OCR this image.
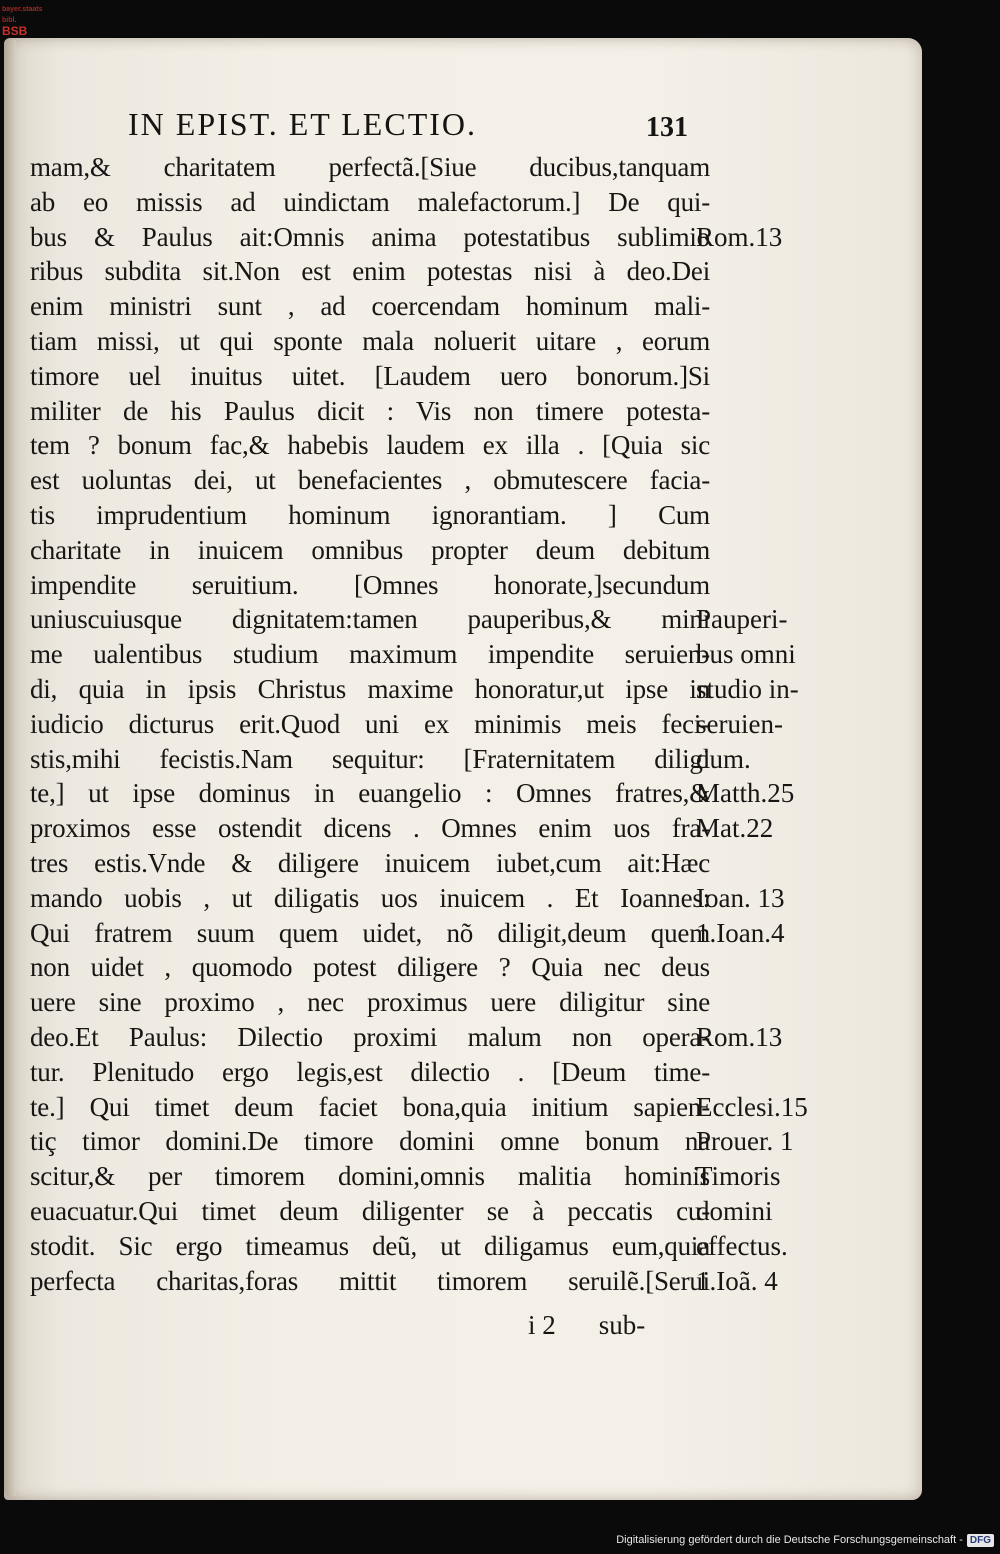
bayer.staats bibl.
BSB
IN EPIST. ET LECTIO.	131
mam,& charitatem perfectã.[Siue ducibus,tanquam
ab eo missis ad uindictam malefactorum.] De qui-
bus & Paulus ait:Omnis anima potestatibus sublimio
ribus subdita sit.Non est enim potestas nisi à deo.Dei
enim ministri sunt , ad coercendam hominum mali-
tiam missi, ut qui sponte mala noluerit uitare , eorum
timore uel inuitus uitet. [Laudem uero bonorum.]Si
militer de his Paulus dicit : Vis non timere potesta-
tem ? bonum fac,& habebis laudem ex illa . [Quia sic
est uoluntas dei, ut benefacientes , obmutescere facia-
tis imprudentium hominum ignorantiam. ] Cum
charitate in inuicem omnibus propter deum debitum
impendite seruitium. [Omnes honorate,]secundum
uniuscuiusque dignitatem:tamen pauperibus,& mini
me ualentibus studium maximum impendite seruien-
di, quia in ipsis Christus maxime honoratur,ut ipse in
iudicio dicturus erit.Quod uni ex minimis meis feci-
stis,mihi fecistis.Nam sequitur: [Fraternitatem diligi
te,] ut ipse dominus in euangelio : Omnes fratres,&
proximos esse ostendit dicens . Omnes enim uos fra-
tres estis.Vnde & diligere inuicem iubet,cum ait:Hæc
mando uobis , ut diligatis uos inuicem . Et Ioannes:
Qui fratrem suum quem uidet, nõ diligit,deum quem
non uidet , quomodo potest diligere ? Quia nec deus
uere sine proximo , nec proximus uere diligitur sine
deo.Et Paulus: Dilectio proximi malum non opera-
tur. Plenitudo ergo legis,est dilectio . [Deum time-
te.] Qui timet deum faciet bona,quia initium sapien-
tiç timor domini.De timore domini omne bonum na
scitur,& per timorem domini,omnis malitia hominis
euacuatur.Qui timet deum diligenter se à peccatis cu-
stodit. Sic ergo timeamus deũ, ut diligamus eum,quia
perfecta charitas,foras mittit timorem seruilẽ.[Serui
Rom.13
Pauperi-
bus omni
studio in-
seruien-
dum.
Matth.25
Mat.22
Ioan. 13
1.Ioan.4
Rom.13
Ecclesi.15
Prouer. 1
Timoris
domini
effectus.
1.Ioã. 4
i 2 sub-
Digitalisierung gefördert durch die Deutsche Forschungsgemeinschaft - DFG
